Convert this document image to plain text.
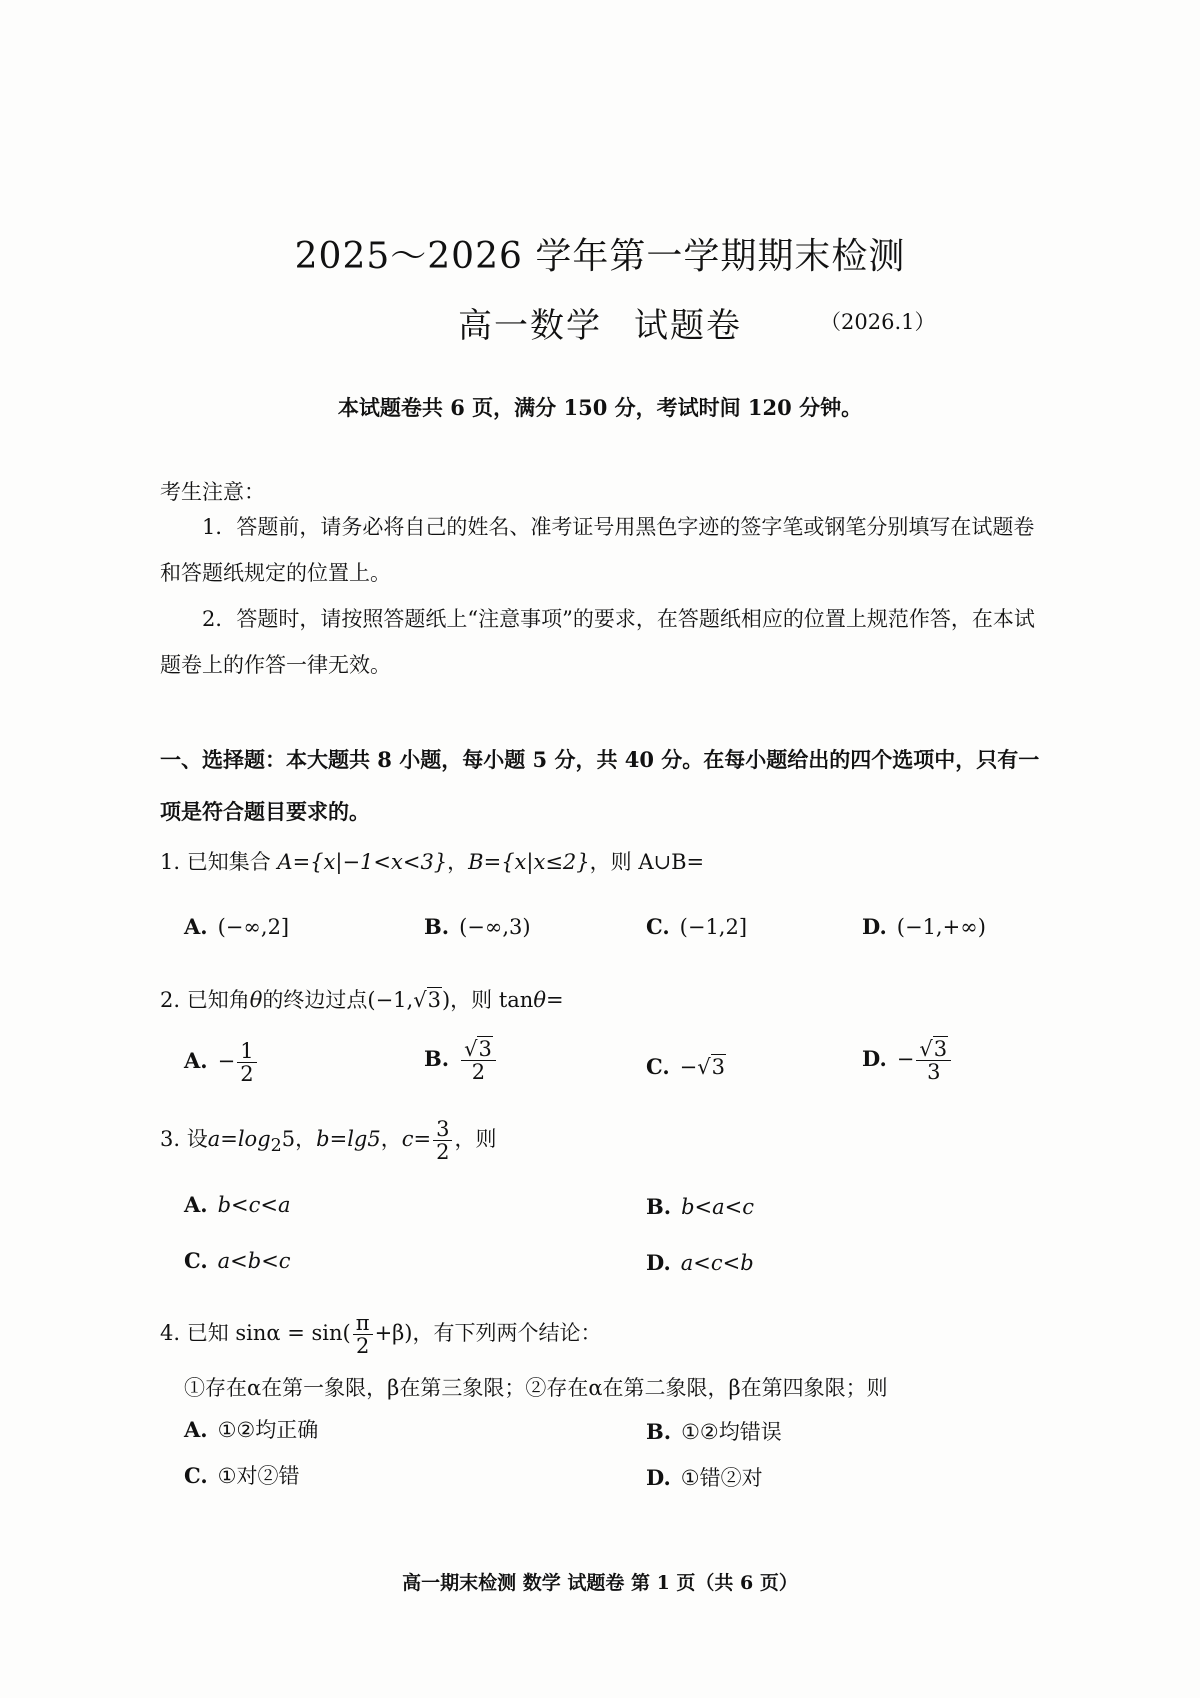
2025～2026 学年第一学期期末检测
高一数学 试题卷	（2026.1）
本试题卷共 6 页，满分 150 分，考试时间 120 分钟。
考生注意：
1．答题前，请务必将自己的姓名、准考证号用黑色字迹的签字笔或钢笔分别填写在试题卷和答题纸规定的位置上。
2．答题时，请按照答题纸上“注意事项”的要求，在答题纸相应的位置上规范作答，在本试题卷上的作答一律无效。
一、选择题：本大题共 8 小题，每小题 5 分，共 40 分。在每小题给出的四个选项中，只有一项是符合题目要求的。
1. 已知集合 A={x|−1<x<3}，B={x|x≤2}，则 A∪B=
A. (−∞,2]	B. (−∞,3)	C. (−1,2]	D. (−1,+∞)
2. 已知角θ的终边过点(−1,√3)，则 tanθ=
A. − $\frac{1}{2}$	B. $\frac{√3}{2}$	C. −√3	D. − $\frac{√3}{3}$
3. 设$a=\log_25$，b=lg5，$c= \frac{3}{2}$ ，则
A. b<c<a	B. b<a<c
C. a<b<c	D. a<c<b
4. 已知 $\sin\alpha = \sin( \frac{\pi}{2} +\beta)$，有下列两个结论：
①存在α在第一象限，β在第三象限；②存在α在第二象限，β在第四象限；则
A. ①②均正确	B. ①②均错误
C. ①对②错	D. ①错②对
高一期末检测 数学 试题卷 第 1 页（共 6 页）
